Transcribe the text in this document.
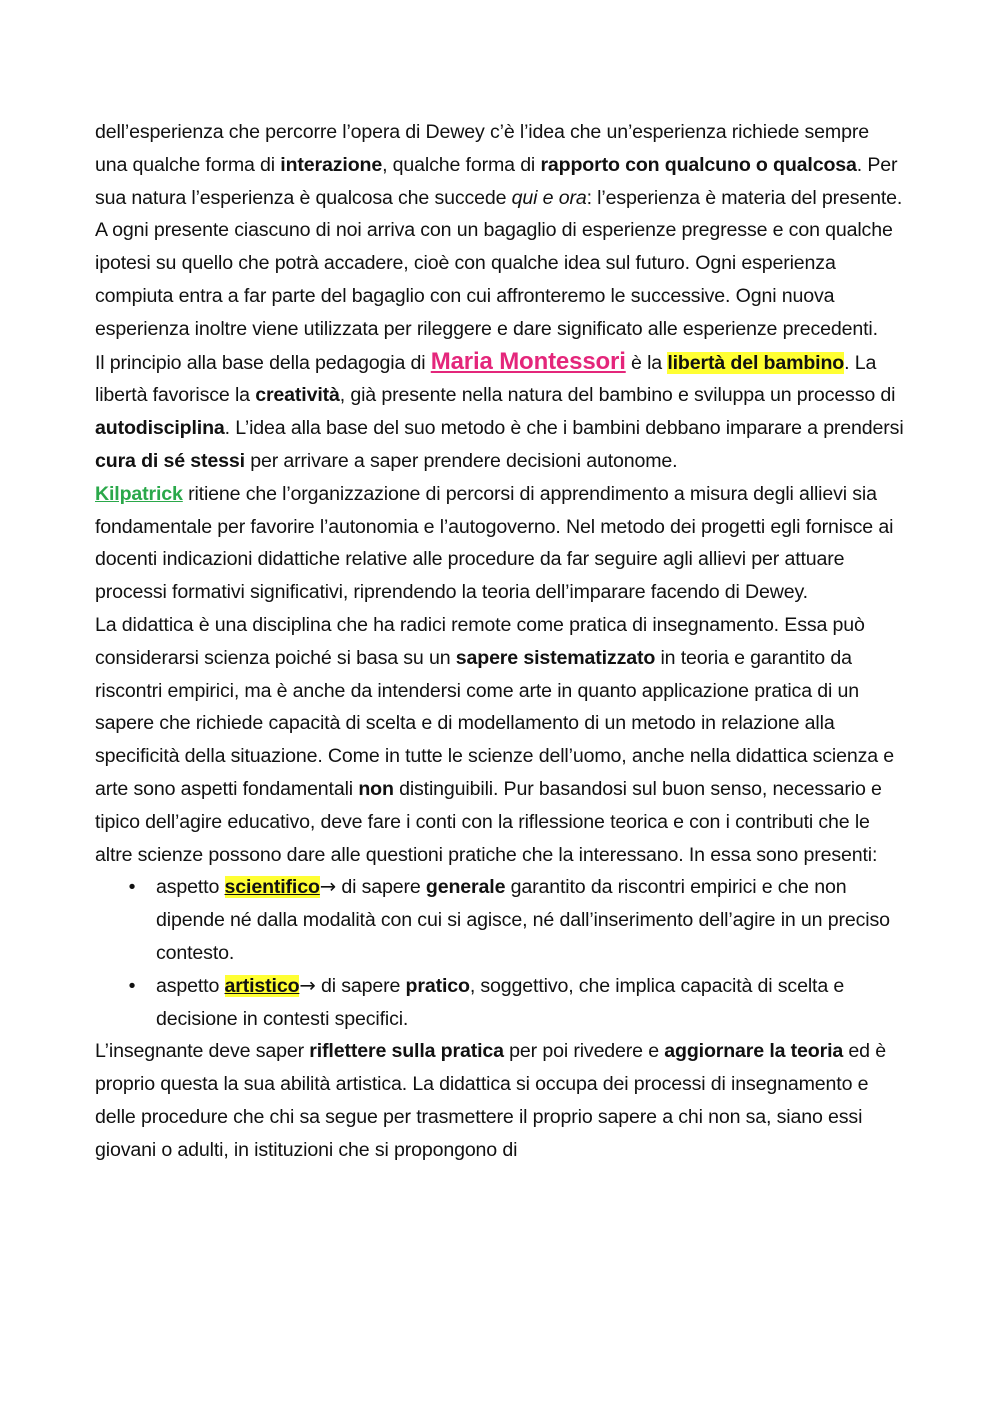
dell’esperienza che percorre l’opera di Dewey c’è l’idea che un’esperienza richiede sempre una qualche forma di interazione, qualche forma di rapporto con qualcuno o qualcosa. Per sua natura l’esperienza è qualcosa che succede qui e ora: l’esperienza è materia del presente. A ogni presente ciascuno di noi arriva con un bagaglio di esperienze pregresse e con qualche ipotesi su quello che potrà accadere, cioè con qualche idea sul futuro. Ogni esperienza compiuta entra a far parte del bagaglio con cui affronteremo le successive. Ogni nuova esperienza inoltre viene utilizzata per rileggere e dare significato alle esperienze precedenti.

Il principio alla base della pedagogia di Maria Montessori è la libertà del bambino. La libertà favorisce la creatività, già presente nella natura del bambino e sviluppa un processo di autodisciplina. L’idea alla base del suo metodo è che i bambini debbano imparare a prendersi cura di sé stessi per arrivare a saper prendere decisioni autonome.

Kilpatrick ritiene che l’organizzazione di percorsi di apprendimento a misura degli allievi sia fondamentale per favorire l’autonomia e l’autogoverno. Nel metodo dei progetti egli fornisce ai docenti indicazioni didattiche relative alle procedure da far seguire agli allievi per attuare processi formativi significativi, riprendendo la teoria dell’imparare facendo di Dewey.

La didattica è una disciplina che ha radici remote come pratica di insegnamento. Essa può considerarsi scienza poiché si basa su un sapere sistematizzato in teoria e garantito da riscontri empirici, ma è anche da intendersi come arte in quanto applicazione pratica di un sapere che richiede capacità di scelta e di modellamento di un metodo in relazione alla specificità della situazione. Come in tutte le scienze dell’uomo, anche nella didattica scienza e arte sono aspetti fondamentali non distinguibili. Pur basandosi sul buon senso, necessario e tipico dell’agire educativo, deve fare i conti con la riflessione teorica e con i contributi che le altre scienze possono dare alle questioni pratiche che la interessano. In essa sono presenti:

• aspetto scientifico→ di sapere generale garantito da riscontri empirici e che non dipende né dalla modalità con cui si agisce, né dall’inserimento dell’agire in un preciso contesto.
• aspetto artistico→ di sapere pratico, soggettivo, che implica capacità di scelta e decisione in contesti specifici.

L’insegnante deve saper riflettere sulla pratica per poi rivedere e aggiornare la teoria ed è proprio questa la sua abilità artistica. La didattica si occupa dei processi di insegnamento e delle procedure che chi sa segue per trasmettere il proprio sapere a chi non sa, siano essi giovani o adulti, in istituzioni che si propongono di
